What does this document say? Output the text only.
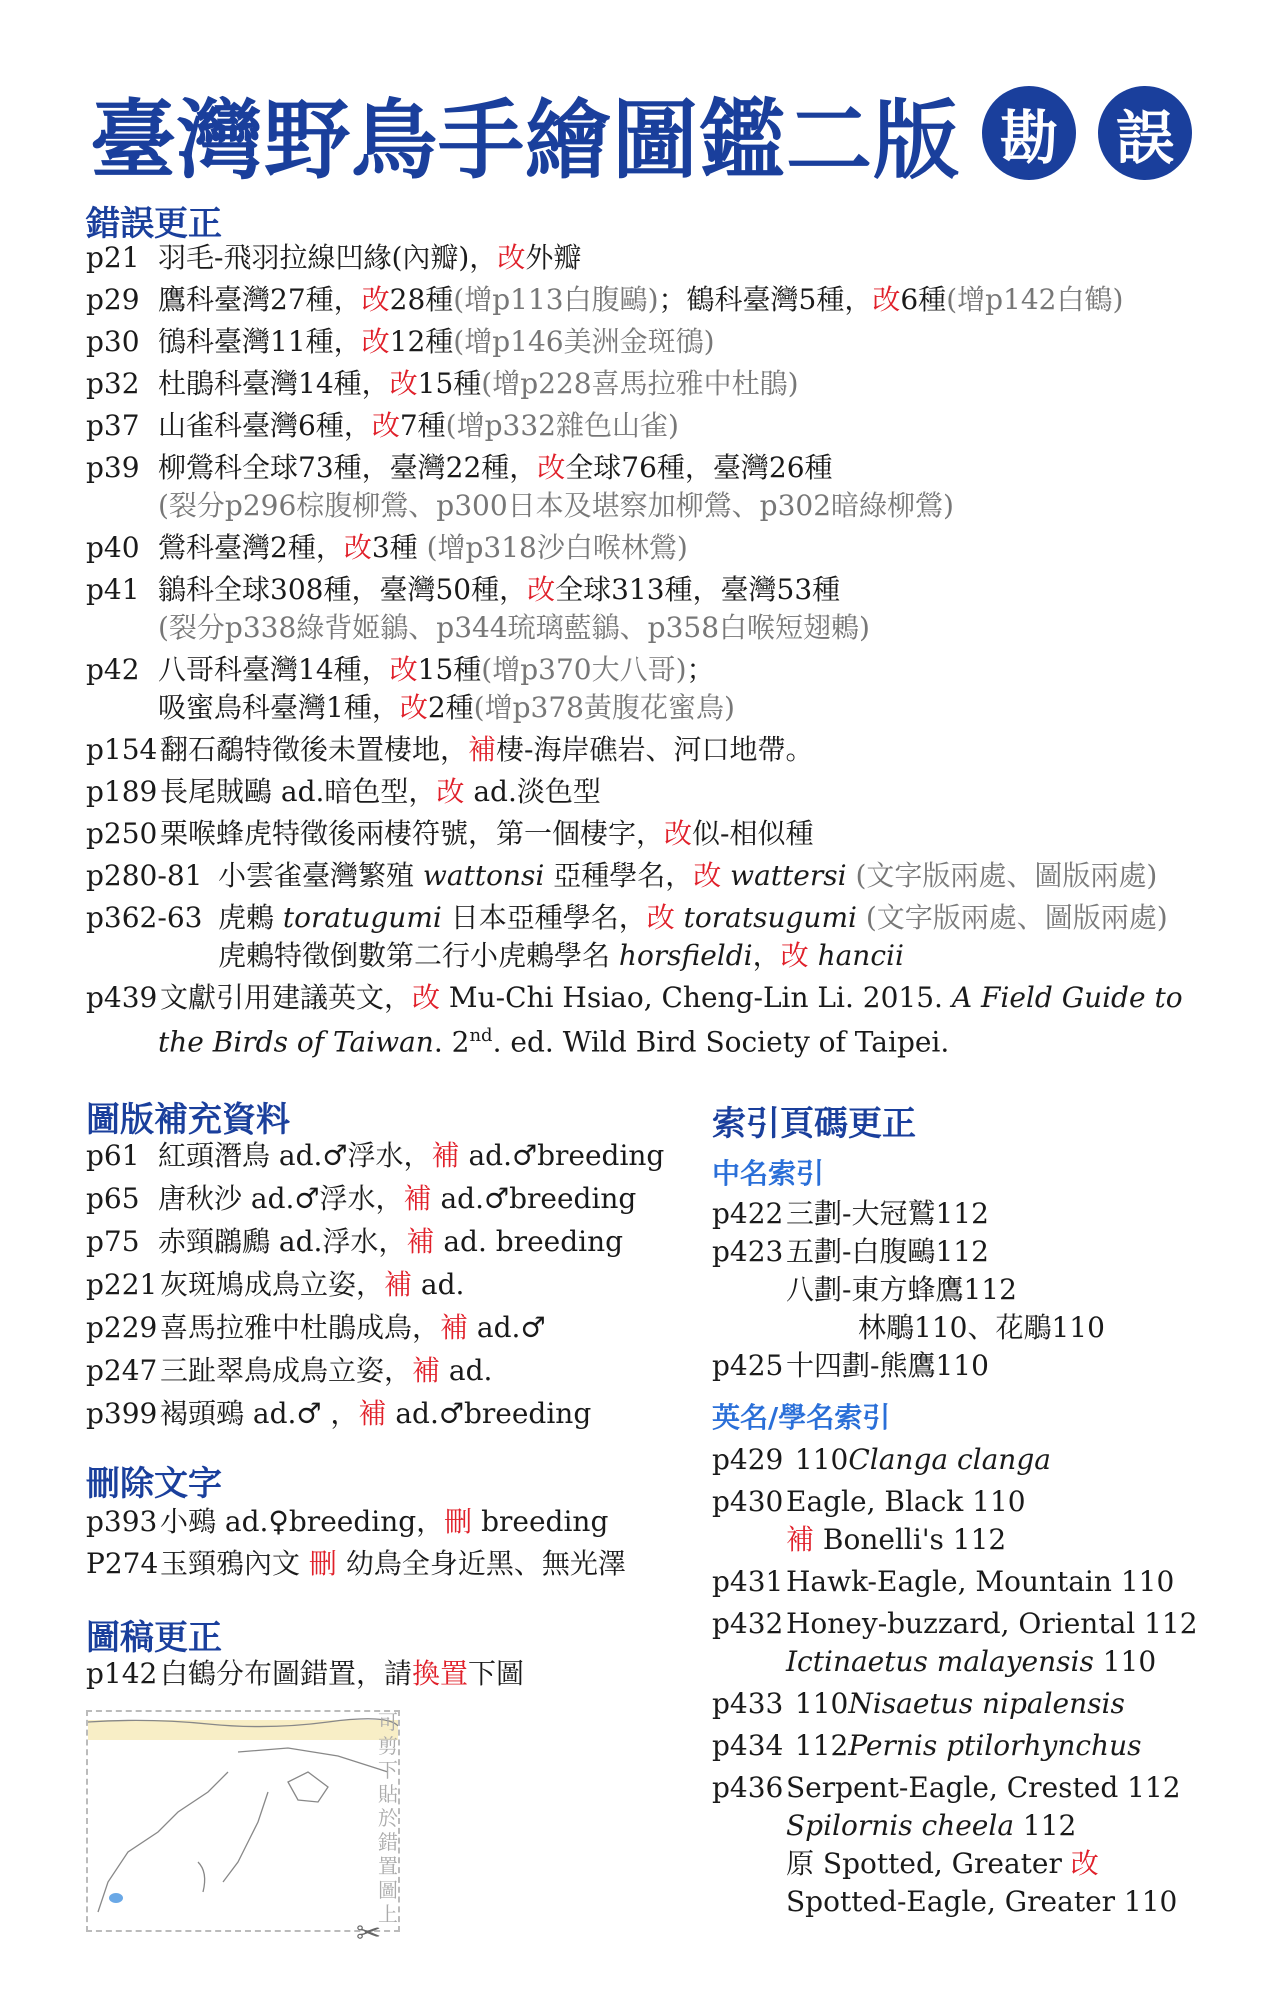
臺灣野鳥手繪圖鑑二版 勘 誤
錯誤更正
p21 羽毛-飛羽拉線凹緣(內瓣)，改外瓣
p29 鷹科臺灣27種，改28種(增p113白腹鷗)；鶴科臺灣5種，改6種(增p142白鶴)
p30 鴴科臺灣11種，改12種(增p146美洲金斑鴴)
p32 杜鵑科臺灣14種，改15種(增p228喜馬拉雅中杜鵑)
p37 山雀科臺灣6種，改7種(增p332雜色山雀)
p39 柳鶯科全球73種，臺灣22種，改全球76種，臺灣26種
(裂分p296棕腹柳鶯、p300日本及堪察加柳鶯、p302暗綠柳鶯)
p40 鶯科臺灣2種，改3種 (增p318沙白喉林鶯)
p41 鶲科全球308種，臺灣50種，改全球313種，臺灣53種
(裂分p338綠背姬鶲、p344琉璃藍鶲、p358白喉短翅鶇)
p42 八哥科臺灣14種，改15種(增p370大八哥)；
吸蜜鳥科臺灣1種，改2種(增p378黃腹花蜜鳥)
p154翻石鷸特徵後未置棲地，補棲-海岸礁岩、河口地帶。
p189長尾賊鷗 ad.暗色型，改 ad.淡色型
p250栗喉蜂虎特徵後兩棲符號，第一個棲字，改似-相似種
p280-81 小雲雀臺灣繁殖 wattonsi 亞種學名，改 wattersi (文字版兩處、圖版兩處)
p362-63 虎鶇 toratugumi 日本亞種學名，改 toratsugumi (文字版兩處、圖版兩處)
虎鶇特徵倒數第二行小虎鶇學名 horsfieldi，改 hancii
p439文獻引用建議英文，改 Mu-Chi Hsiao, Cheng-Lin Li. 2015. A Field Guide to
the Birds of Taiwan. 2nd. ed. Wild Bird Society of Taipei.
圖版補充資料
p61 紅頭潛鳥 ad.♂浮水，補 ad.♂breeding
p65 唐秋沙 ad.♂浮水，補 ad.♂breeding
p75 赤頸鸊鷉 ad.浮水，補 ad. breeding
p221灰斑鳩成鳥立姿，補 ad.
p229喜馬拉雅中杜鵑成鳥，補 ad.♂
p247三趾翠鳥成鳥立姿，補 ad.
p399褐頭鵐 ad.♂ ，補 ad.♂breeding
刪除文字
p393小鵐 ad.♀breeding，刪 breeding
P274玉頸鴉內文 刪 幼鳥全身近黑、無光澤
圖稿更正
p142白鶴分布圖錯置，請換置下圖
可
剪
下
貼
於
錯
置
圖
上
✂
索引頁碼更正
中名索引
p422三劃-大冠鷲112
p423五劃-白腹鷗112
八劃-東方蜂鷹112
林鵰110、花鵰110
p425十四劃-熊鷹110
英名/學名索引
p429 110Clanga clanga
p430Eagle, Black 110
補 Bonelli's 112
p431Hawk-Eagle, Mountain 110
p432Honey-buzzard, Oriental 112
Ictinaetus malayensis 110
p433 110Nisaetus nipalensis
p434 112Pernis ptilorhynchus
p436Serpent-Eagle, Crested 112
Spilornis cheela 112
原 Spotted, Greater 改
Spotted-Eagle, Greater 110
